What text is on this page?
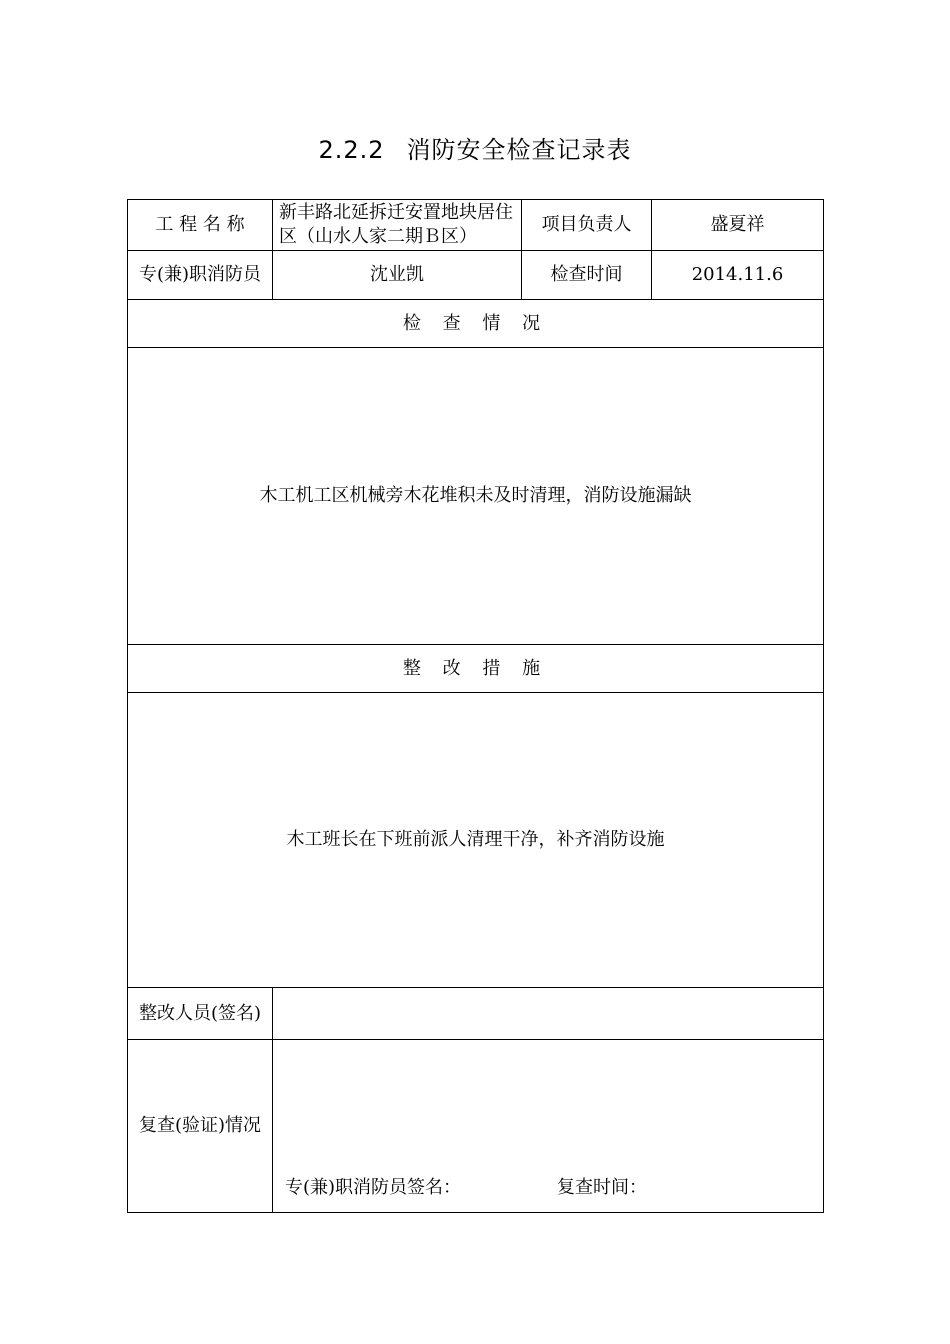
2.2.2 消防安全检查记录表
工 程 名 称	新丰路北延拆迁安置地块居住区（山水人家二期Ｂ区）	项目负责人	盛夏祥
专(兼)职消防员	沈业凯	检查时间	2014.11.6
检 查 情 况			
木工机工区机械旁木花堆积未及时清理，消防设施漏缺			
整 改 措 施			
木工班长在下班前派人清理干净，补齐消防设施			
整改人员(签名)			
复查(验证)情况	专(兼)职消防员签名： 复查时间：		
